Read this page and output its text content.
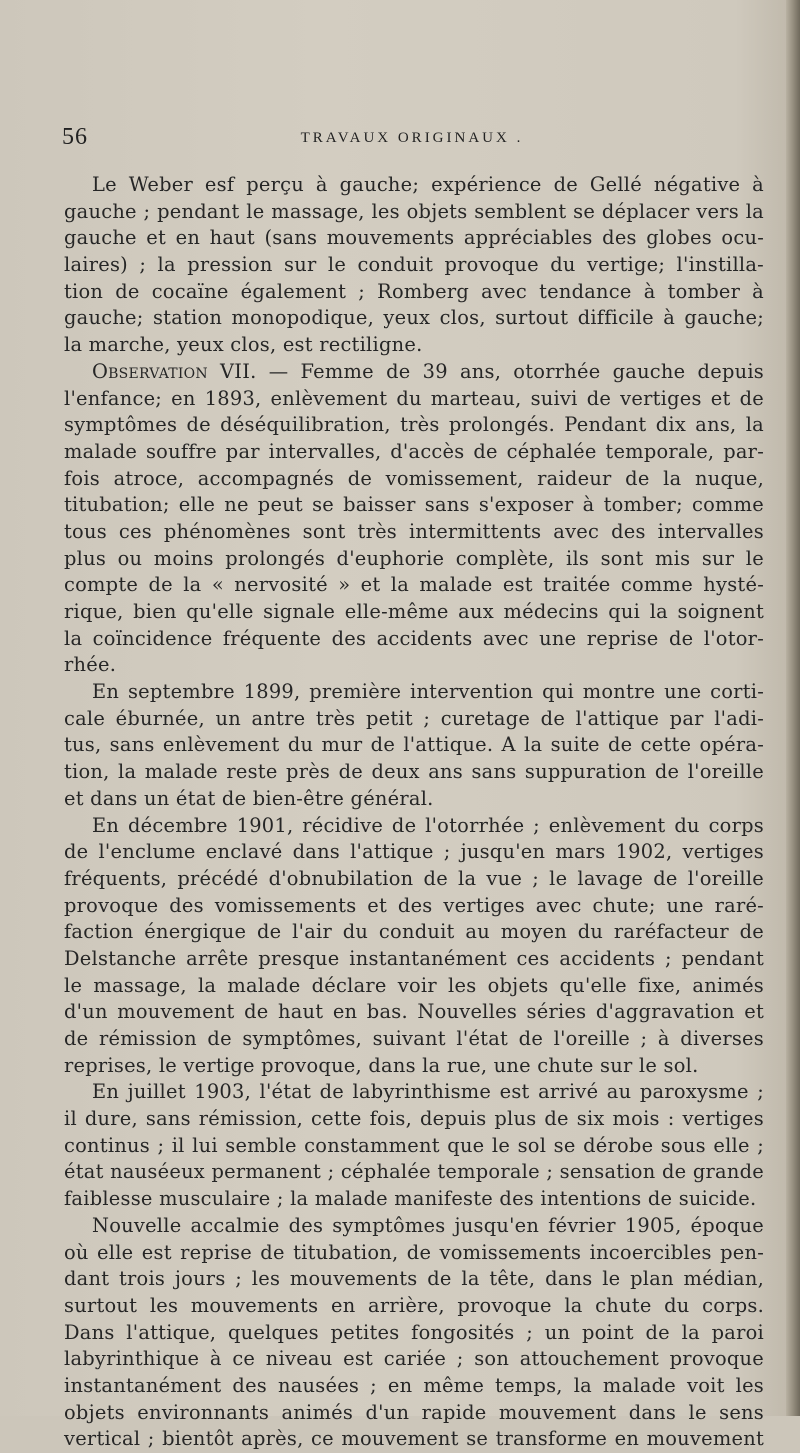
56	TRAVAUX ORIGINAUX .
Le Weber esf perçu à gauche; expérience de Gellé négative à
gauche ; pendant le massage, les objets semblent se déplacer vers la
gauche et en haut (sans mouvements appréciables des globes ocu-
laires) ; la pression sur le conduit provoque du vertige; l'instilla-
tion de cocaïne également ; Romberg avec tendance à tomber à
gauche; station monopodique, yeux clos, surtout difficile à gauche;
la marche, yeux clos, est rectiligne.
Observation VII. — Femme de 39 ans, otorrhée gauche depuis
l'enfance; en 1893, enlèvement du marteau, suivi de vertiges et de
symptômes de déséquilibration, très prolongés. Pendant dix ans, la
malade souffre par intervalles, d'accès de céphalée temporale, par-
fois atroce, accompagnés de vomissement, raideur de la nuque,
titubation; elle ne peut se baisser sans s'exposer à tomber; comme
tous ces phénomènes sont très intermittents avec des intervalles
plus ou moins prolongés d'euphorie complète, ils sont mis sur le
compte de la « nervosité » et la malade est traitée comme hysté-
rique, bien qu'elle signale elle-même aux médecins qui la soignent
la coïncidence fréquente des accidents avec une reprise de l'otor-
rhée.
En septembre 1899, première intervention qui montre une corti-
cale éburnée, un antre très petit ; curetage de l'attique par l'adi-
tus, sans enlèvement du mur de l'attique. A la suite de cette opéra-
tion, la malade reste près de deux ans sans suppuration de l'oreille
et dans un état de bien-être général.
En décembre 1901, récidive de l'otorrhée ; enlèvement du corps
de l'enclume enclavé dans l'attique ; jusqu'en mars 1902, vertiges
fréquents, précédé d'obnubilation de la vue ; le lavage de l'oreille
provoque des vomissements et des vertiges avec chute; une raré-
faction énergique de l'air du conduit au moyen du raréfacteur de
Delstanche arrête presque instantanément ces accidents ; pendant
le massage, la malade déclare voir les objets qu'elle fixe, animés
d'un mouvement de haut en bas. Nouvelles séries d'aggravation et
de rémission de symptômes, suivant l'état de l'oreille ; à diverses
reprises, le vertige provoque, dans la rue, une chute sur le sol.
En juillet 1903, l'état de labyrinthisme est arrivé au paroxysme ;
il dure, sans rémission, cette fois, depuis plus de six mois : vertiges
continus ; il lui semble constamment que le sol se dérobe sous elle ;
état nauséeux permanent ; céphalée temporale ; sensation de grande
faiblesse musculaire ; la malade manifeste des intentions de suicide.
Nouvelle accalmie des symptômes jusqu'en février 1905, époque
où elle est reprise de titubation, de vomissements incoercibles pen-
dant trois jours ; les mouvements de la tête, dans le plan médian,
surtout les mouvements en arrière, provoque la chute du corps.
Dans l'attique, quelques petites fongosités ; un point de la paroi
labyrinthique à ce niveau est cariée ; son attouchement provoque
instantanément des nausées ; en même temps, la malade voit les
objets environnants animés d'un rapide mouvement dans le sens
vertical ; bientôt après, ce mouvement se transforme en mouvement
